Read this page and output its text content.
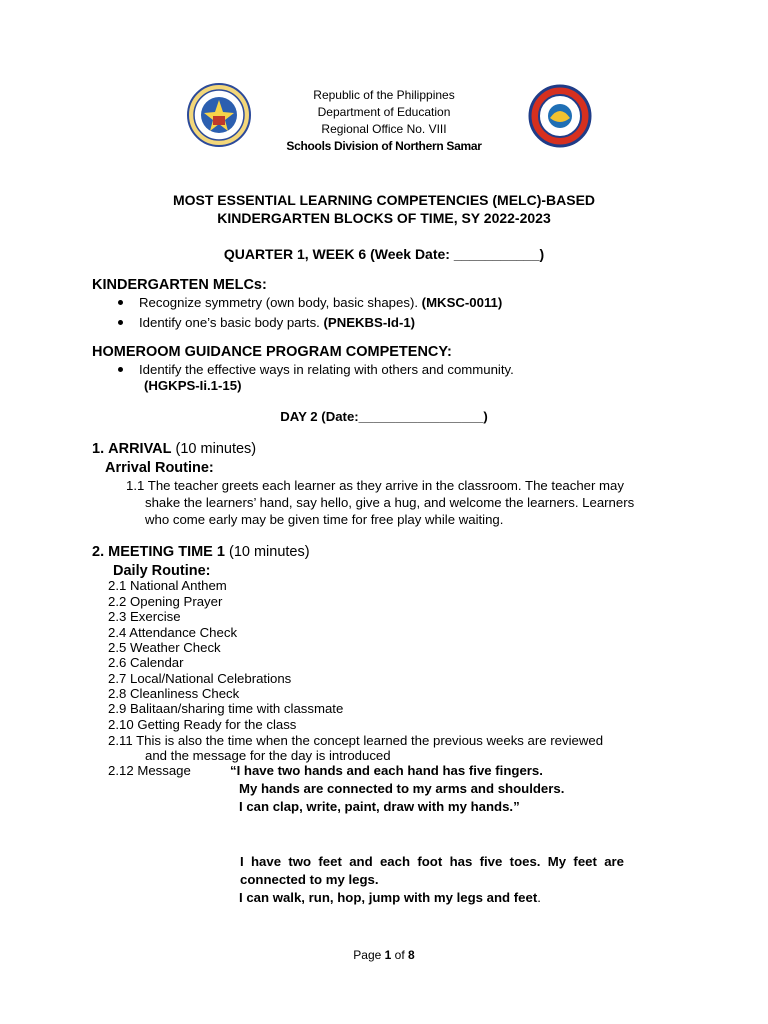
Republic of the Philippines
Department of Education
Regional Office No. VIII
Schools Division of Northern Samar
MOST ESSENTIAL LEARNING COMPETENCIES (MELC)-BASED
KINDERGARTEN BLOCKS OF TIME, SY 2022-2023
QUARTER 1, WEEK 6 (Week Date: ___________)
KINDERGARTEN MELCs:
Recognize symmetry (own body, basic shapes). (MKSC-0011)
Identify one’s basic body parts. (PNEKBS-Id-1)
HOMEROOM GUIDANCE PROGRAM COMPETENCY:
Identify the effective ways in relating with others and community.
(HGKPS-Ii.1-15)
DAY 2 (Date:_________________)
1. ARRIVAL (10 minutes)
Arrival Routine:
1.1 The teacher greets each learner as they arrive in the classroom. The teacher may
shake the learners’ hand, say hello, give a hug, and welcome the learners. Learners
who come early may be given time for free play while waiting.
2. MEETING TIME 1 (10 minutes)
Daily Routine:
2.1 National Anthem
2.2 Opening Prayer
2.3 Exercise
2.4 Attendance Check
2.5 Weather Check
2.6 Calendar
2.7 Local/National Celebrations
2.8 Cleanliness Check
2.9 Balitaan/sharing time with classmate
2.10 Getting Ready for the class
2.11 This is also the time when the concept learned the previous weeks are reviewed
and the message for the day is introduced
2.12 Message	“I have two hands and each hand has five fingers.
My hands are connected to my arms and shoulders.
I can clap, write, paint, draw with my hands.”
I  have  two  feet  and  each  foot  has  five  toes.  My  feet  are
connected to my legs.
I can walk, run, hop, jump with my legs and feet.
Page 1 of 8
